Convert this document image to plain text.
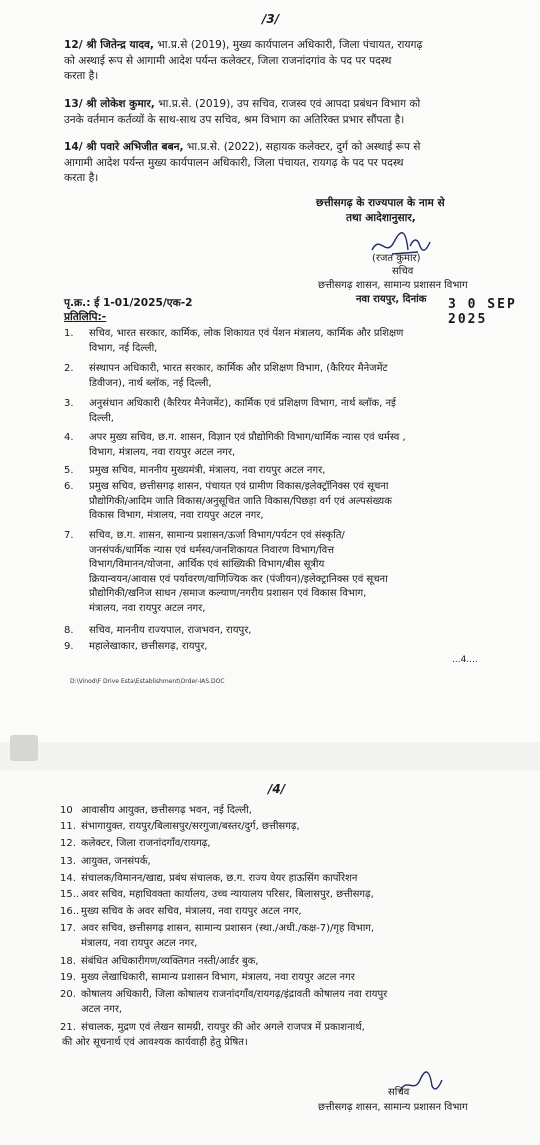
/3/
12/ श्री जितेन्द्र यादव, भा.प्र.से (2019), मुख्य कार्यपालन अधिकारी, जिला पंचायत, रायगढ़
को अस्थाई रूप से आगामी आदेश पर्यन्त कलेक्टर, जिला राजनांदगांव के पद पर पदस्थ
करता है।
13/ श्री लोकेश कुमार, भा.प्र.से. (2019), उप सचिव, राजस्व एवं आपदा प्रबंधन विभाग को
उनके वर्तमान कर्तव्यों के साथ-साथ उप सचिव, श्रम विभाग का अतिरिक्त प्रभार सौंपता है।
14/ श्री पवारे अभिजीत बबन, भा.प्र.से. (2022), सहायक कलेक्टर, दुर्ग को अस्थाई रूप से
आगामी आदेश पर्यन्त मुख्य कार्यपालन अधिकारी, जिला पंचायत, रायगढ़ के पद पर पदस्थ
करता है।
छत्तीसगढ़ के राज्यपाल के नाम से
तथा आदेशानुसार,
(रजत कुमार)
सचिव
छत्तीसगढ़ शासन, सामान्य प्रशासन विभाग
नवा रायपुर, दिनांक 3 0 SEP 2025
पृ.क्र.: ई 1-01/2025/एक-2
प्रतिलिपि:-
1. सचिव, भारत सरकार, कार्मिक, लोक शिकायत एवं पेंशन मंत्रालय, कार्मिक और प्रशिक्षण
विभाग, नई दिल्ली,
2. संस्थापन अधिकारी, भारत सरकार, कार्मिक और प्रशिक्षण विभाग, (कैरियर मैनेजमेंट
डिवीजन), नार्थ ब्लॉक, नई दिल्ली,
3. अनुसंधान अधिकारी (कैरियर मैनेजमेंट), कार्मिक एवं प्रशिक्षण विभाग, नार्थ ब्लॉक, नई
दिल्ली,
4. अपर मुख्य सचिव, छ.ग. शासन, विज्ञान एवं प्रौद्योगिकी विभाग/धार्मिक न्यास एवं धर्मस्व ,
विभाग, मंत्रालय, नवा रायपुर अटल नगर,
5. प्रमुख सचिव, माननीय मुख्यमंत्री, मंत्रालय, नवा रायपुर अटल नगर,
6. प्रमुख सचिव, छत्तीसगढ़ शासन, पंचायत एवं ग्रामीण विकास/इलेक्ट्रॉनिक्स एवं सूचना
प्रौद्योगिकी/आदिम जाति विकास/अनुसूचित जाति विकास/पिछड़ा वर्ग एवं अल्पसंख्यक
विकास विभाग, मंत्रालय, नवा रायपुर अटल नगर,
7. सचिव, छ.ग. शासन, सामान्य प्रशासन/ऊर्जा विभाग/पर्यटन एवं संस्कृति/
जनसंपर्क/धार्मिक न्यास एवं धर्मस्व/जनशिकायत निवारण विभाग/वित्त
विभाग/विमानन/योजना, आर्थिक एवं सांख्यिकी विभाग/बीस सूत्रीय
क्रियान्वयन/आवास एवं पर्यावरण/वाणिज्यिक कर (पंजीयन)/इलेक्ट्रानिक्स एवं सूचना
प्रौद्योगिकी/खनिज साधन /समाज कल्याण/नगरीय प्रशासन एवं विकास विभाग,
मंत्रालय, नवा रायपुर अटल नगर,
8. सचिव, माननीय राज्यपाल, राजभवन, रायपुर,
9. महालेखाकार, छत्तीसगढ़, रायपुर,
...4....
D:\Vinod\F Drive Esta\Establishment\Order-IAS.DOC
/4/
10 आवासीय आयुक्त, छत्तीसगढ़ भवन, नई दिल्ली,
11. संभागायुक्त, रायपुर/बिलासपुर/सरगुजा/बस्तर/दुर्ग, छत्तीसगढ़,
12. कलेक्टर, जिला राजनांदगाँव/रायगढ़,
13. आयुक्त, जनसंपर्क,
14. संचालक/विमानन/खाद्य, प्रबंध संचालक, छ.ग. राज्य वेयर हाऊसिंग कार्पोरेशन
15.. अवर सचिव, महाधिवक्ता कार्यालय, उच्च न्यायालय परिसर, बिलासपुर, छत्तीसगढ़,
16.. मुख्य सचिव के अवर सचिव, मंत्रालय, नवा रायपुर अटल नगर,
17. अवर सचिव, छत्तीसगढ़ शासन, सामान्य प्रशासन (स्था./अधी./कक्ष-7)/गृह विभाग,
मंत्रालय, नवा रायपुर अटल नगर,
18. संबंधित अधिकारीगण/व्यक्तिगत नस्ती/आर्डर बुक,
19. मुख्य लेखाधिकारी, सामान्य प्रशासन विभाग, मंत्रालय, नवा रायपुर अटल नगर
20. कोषालय अधिकारी, जिला कोषालय राजनांदगाँव/रायगढ़/इंद्रावती कोषालय नवा रायपुर
अटल नगर,
21. संचालक, मुद्रण एवं लेखन सामग्री, रायपुर की ओर अगले राजपत्र में प्रकाशनार्थ,
की ओर सूचनार्थ एवं आवश्यक कार्यवाही हेतु प्रेषित।
सचिव
छत्तीसगढ़ शासन, सामान्य प्रशासन विभाग
